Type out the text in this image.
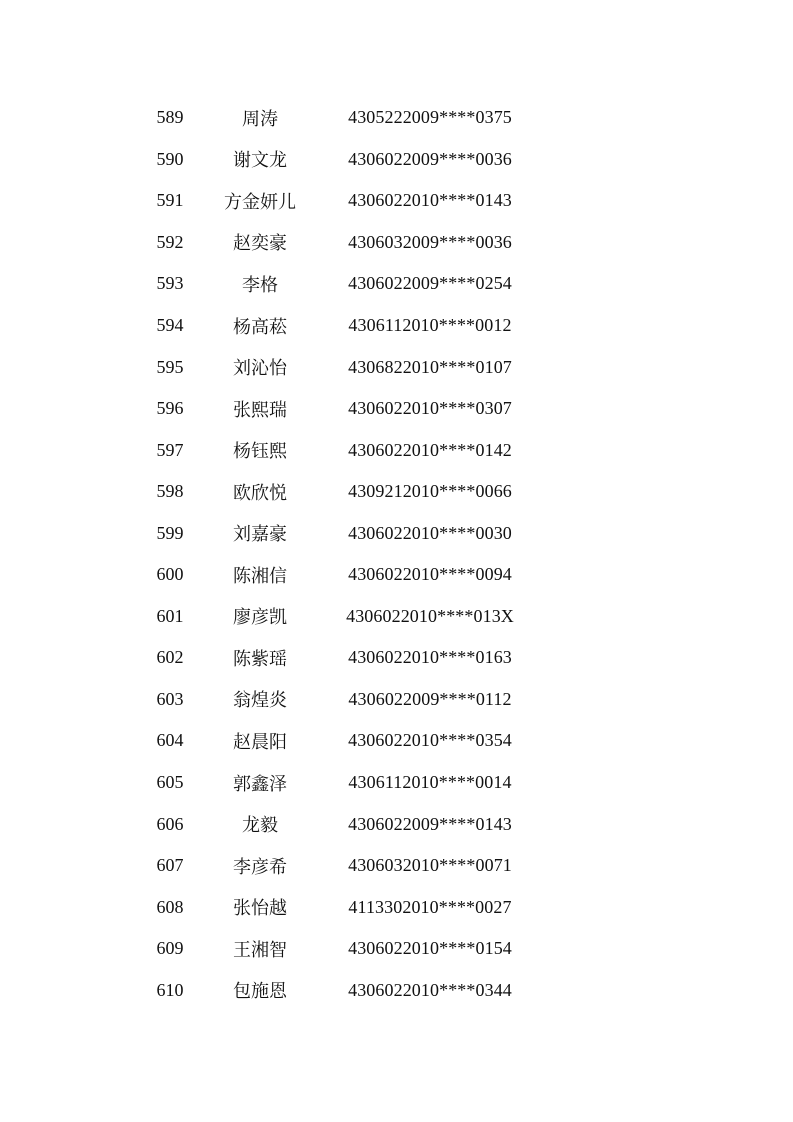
589	周涛	4305222009****0375
590	谢文龙	4306022009****0036
591	方金妍儿	4306022010****0143
592	赵奕豪	4306032009****0036
593	李格	4306022009****0254
594	杨高菘	4306112010****0012
595	刘沁怡	4306822010****0107
596	张熙瑞	4306022010****0307
597	杨钰熙	4306022010****0142
598	欧欣悦	4309212010****0066
599	刘嘉豪	4306022010****0030
600	陈湘信	4306022010****0094
601	廖彦凯	4306022010****013X
602	陈紫瑶	4306022010****0163
603	翁煌炎	4306022009****0112
604	赵晨阳	4306022010****0354
605	郭鑫泽	4306112010****0014
606	龙毅	4306022009****0143
607	李彦希	4306032010****0071
608	张怡越	4113302010****0027
609	王湘智	4306022010****0154
610	包施恩	4306022010****0344
